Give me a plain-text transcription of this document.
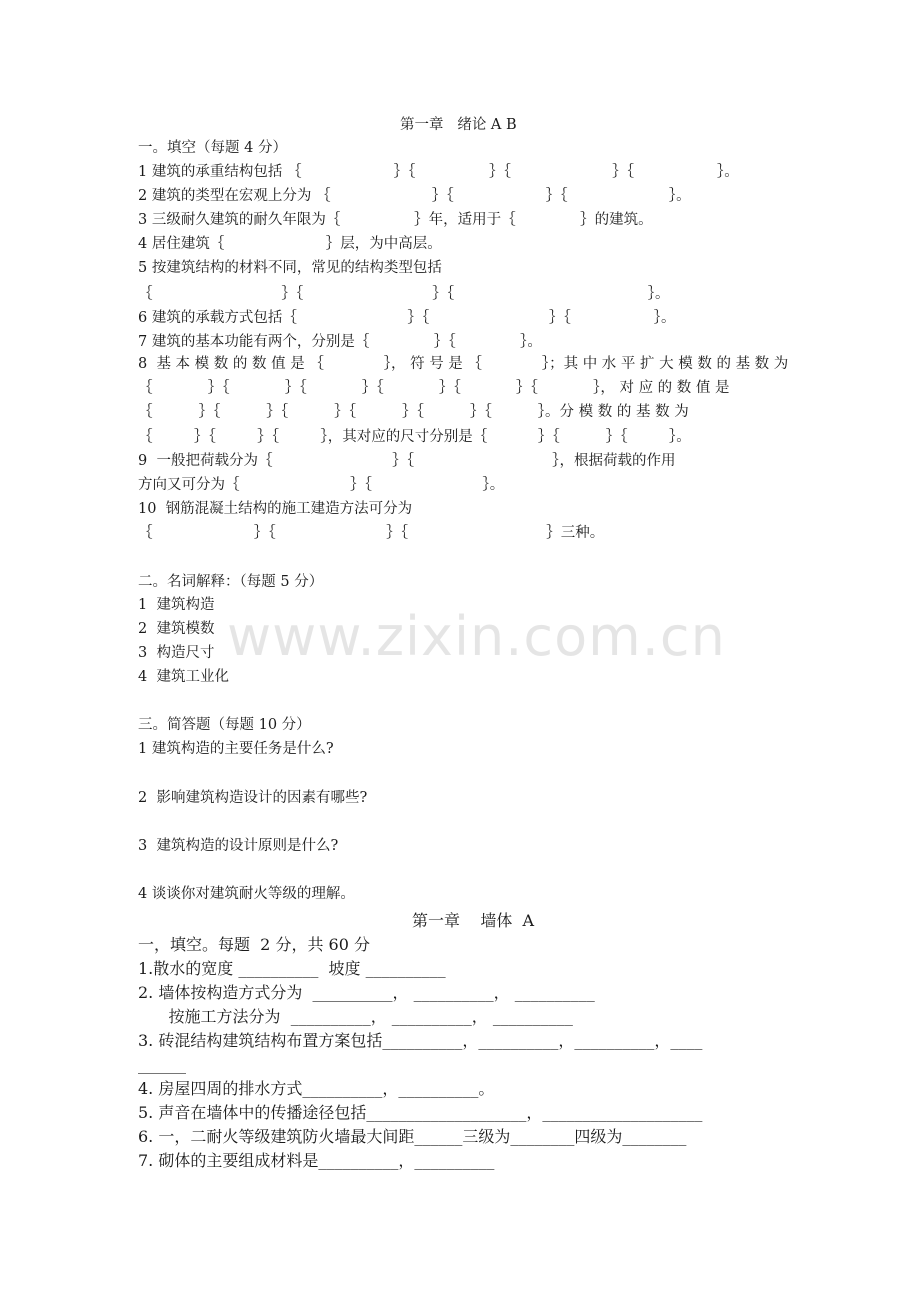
第一章   绪论 A B
一。填空（每题 4 分）
1 建筑的承重结构包括 ｛                    ｝｛                ｝｛                      ｝｛                  ｝。
2 建筑的类型在宏观上分为 ｛                      ｝｛                    ｝｛                      ｝。
3 三级耐久建筑的耐久年限为｛                ｝年，适用于｛              ｝的建筑。
4 居住建筑｛                      ｝层，为中高层。
5 按建筑结构的材料不同，常见的结构类型包括
｛                            ｝｛                            ｝｛                                          ｝。
6 建筑的承载方式包括｛                        ｝｛                          ｝｛                  ｝。
7 建筑的基本功能有两个，分别是｛              ｝｛              ｝。
8  基 本 模 数 的 数 值 是 ｛             ｝， 符 号 是 ｛             ｝；其 中 水 平 扩 大 模 数 的 基 数 为
｛            ｝｛            ｝｛            ｝｛            ｝｛            ｝｛            ｝， 对 应 的 数 值 是
｛          ｝｛          ｝｛          ｝｛          ｝｛          ｝｛          ｝。分 模 数 的 基 数 为
｛         ｝｛         ｝｛         ｝，其对应的尺寸分别是｛           ｝｛          ｝｛         ｝。
9  一般把荷载分为｛                          ｝｛                              ｝，根据荷载的作用
方向又可分为｛                        ｝｛                        ｝。
10  钢筋混凝土结构的施工建造方法可分为
｛                      ｝｛                        ｝｛                              ｝三种。
二。名词解释：（每题 5 分）
1  建筑构造
2  建筑模数
3  构造尺寸
4  建筑工业化
三。简答题（每题 10 分）
1 建筑构造的主要任务是什么?
2  影响建筑构造设计的因素有哪些?
3  建筑构造的设计原则是什么?
4 谈谈你对建筑耐火等级的理解。
第一章    墙体  A
一，填空。每题  2 分，共 60 分
1.散水的宽度 __________  坡度 __________
2. 墙体按构造方式分为  __________， __________， __________
按施工方法分为  __________， __________， __________
3. 砖混结构建筑结构布置方案包括__________，__________，__________，____
______
4. 房屋四周的排水方式__________，__________。
5. 声音在墙体中的传播途径包括____________________，____________________
6. 一，二耐火等级建筑防火墙最大间距______三级为________四级为________
7. 砌体的主要组成材料是__________，__________
www.zixin.com.cn
